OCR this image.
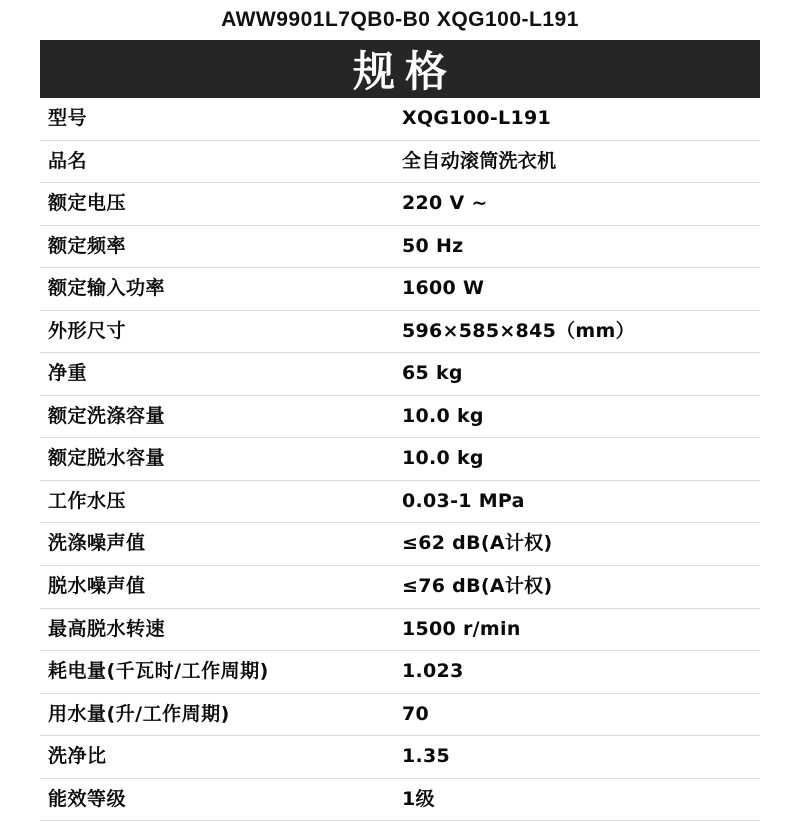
AWW9901L7QB0-B0 XQG100-L191
规格
型号	XQG100-L191
品名	全自动滚筒洗衣机
额定电压	220 V ~
额定频率	50 Hz
额定输入功率	1600 W
外形尺寸	596×585×845（mm）
净重	65 kg
额定洗涤容量	10.0 kg
额定脱水容量	10.0 kg
工作水压	0.03-1 MPa
洗涤噪声值	≤62 dB(A计权)
脱水噪声值	≤76 dB(A计权)
最高脱水转速	1500 r/min
耗电量(千瓦时/工作周期)	1.023
用水量(升/工作周期)	70
洗净比	1.35
能效等级	1级
